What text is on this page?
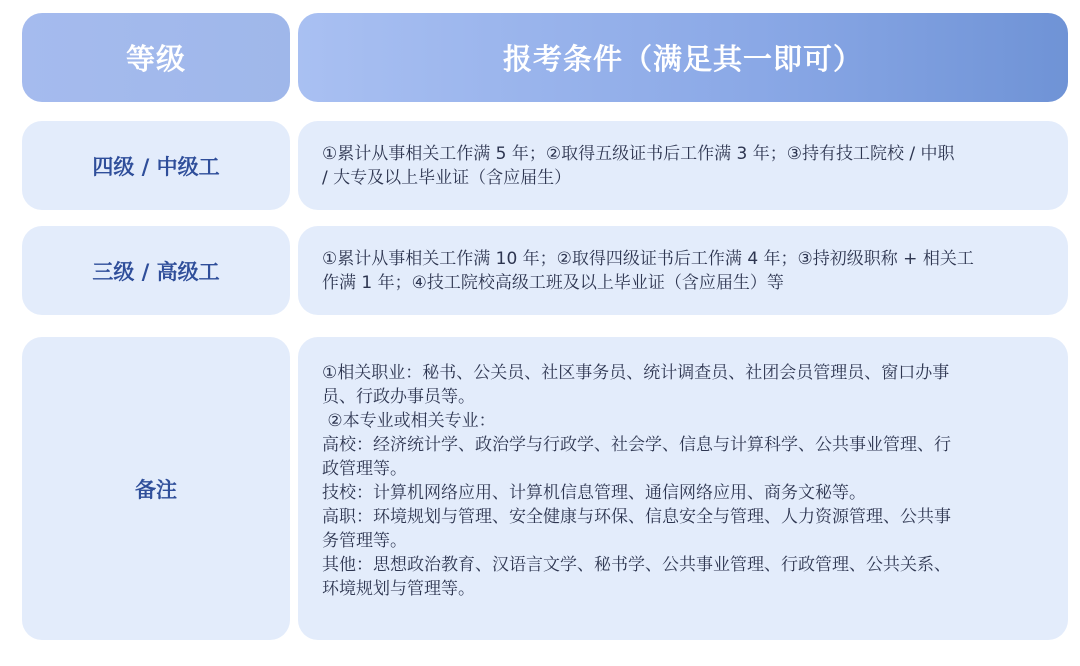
等级	报考条件（满足其一即可）
四级 / 中级工
①累计从事相关工作满 5 年；②取得五级证书后工作满 3 年；③持有技工院校 / 中职
/ 大专及以上毕业证（含应届生）
三级 / 高级工
①累计从事相关工作满 10 年；②取得四级证书后工作满 4 年；③持初级职称 + 相关工
作满 1 年；④技工院校高级工班及以上毕业证（含应届生）等
备注
①相关职业：秘书、公关员、社区事务员、统计调查员、社团会员管理员、窗口办事
员、行政办事员等。
②本专业或相关专业：
高校：经济统计学、政治学与行政学、社会学、信息与计算科学、公共事业管理、行
政管理等。
技校：计算机网络应用、计算机信息管理、通信网络应用、商务文秘等。
高职：环境规划与管理、安全健康与环保、信息安全与管理、人力资源管理、公共事
务管理等。
其他：思想政治教育、汉语言文学、秘书学、公共事业管理、行政管理、公共关系、
环境规划与管理等。
